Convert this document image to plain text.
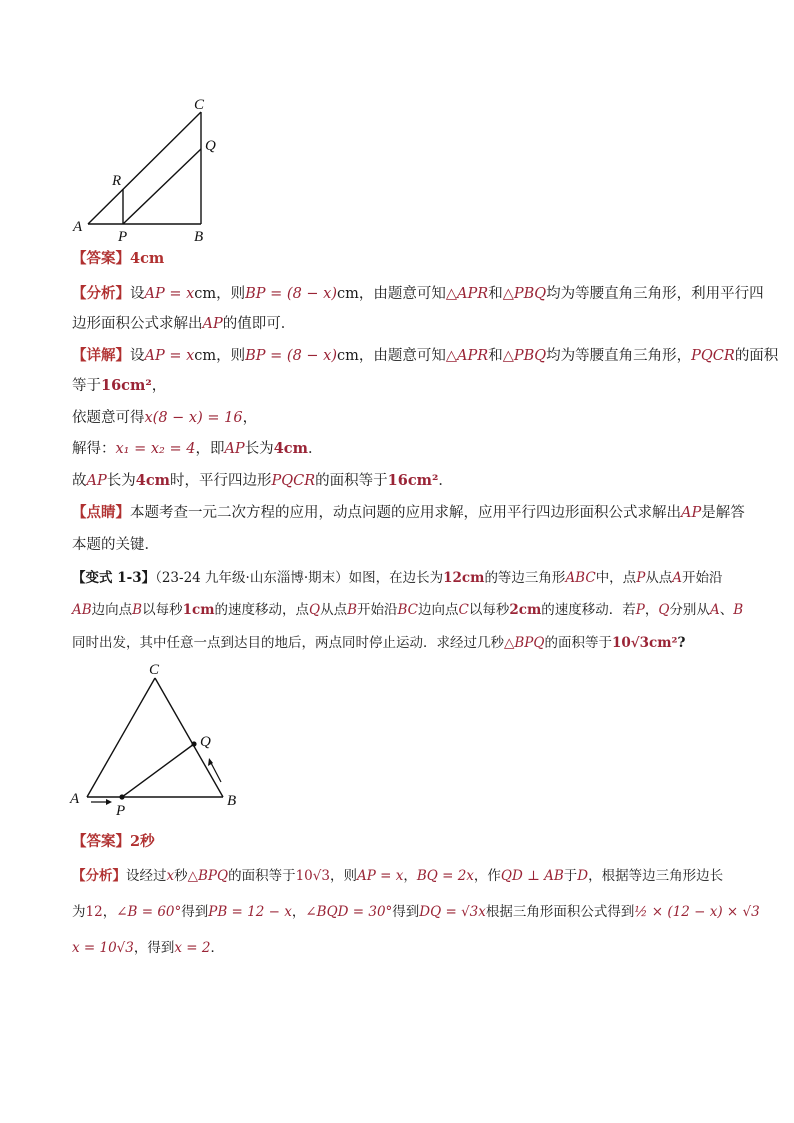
A
B
C
P
Q
R
【答案】4cm
【分析】设AP = xcm，则BP = (8 − x)cm，由题意可知△APR和△PBQ均为等腰直角三角形，利用平行四
边形面积公式求解出AP的值即可．
【详解】设AP = xcm，则BP = (8 − x)cm，由题意可知△APR和△PBQ均为等腰直角三角形，PQCR的面积
等于16cm²，
依题意可得x(8 − x) = 16，
解得：x₁ = x₂ = 4，即AP长为4cm．
故AP长为4cm时，平行四边形PQCR的面积等于16cm²．
【点睛】本题考查一元二次方程的应用，动点问题的应用求解，应用平行四边形面积公式求解出AP是解答
本题的关键．
【变式 1-3】（23-24 九年级·山东淄博·期末）如图，在边长为12cm的等边三角形ABC中，点P从点A开始沿
AB边向点B以每秒1cm的速度移动，点Q从点B开始沿BC边向点C以每秒2cm的速度移动．若P，Q分别从A、B
同时出发，其中任意一点到达目的地后，两点同时停止运动．求经过几秒△BPQ的面积等于10√3cm²?
A	B
C
P
Q
【答案】2秒
【分析】设经过x秒△BPQ的面积等于10√3，则AP = x，BQ = 2x，作QD ⊥ AB于D，根据等边三角形边长
为12，∠B = 60°得到PB = 12 − x，∠BQD = 30°得到DQ = √3x根据三角形面积公式得到½ × (12 − x) × √3
x = 10√3，得到x = 2．
